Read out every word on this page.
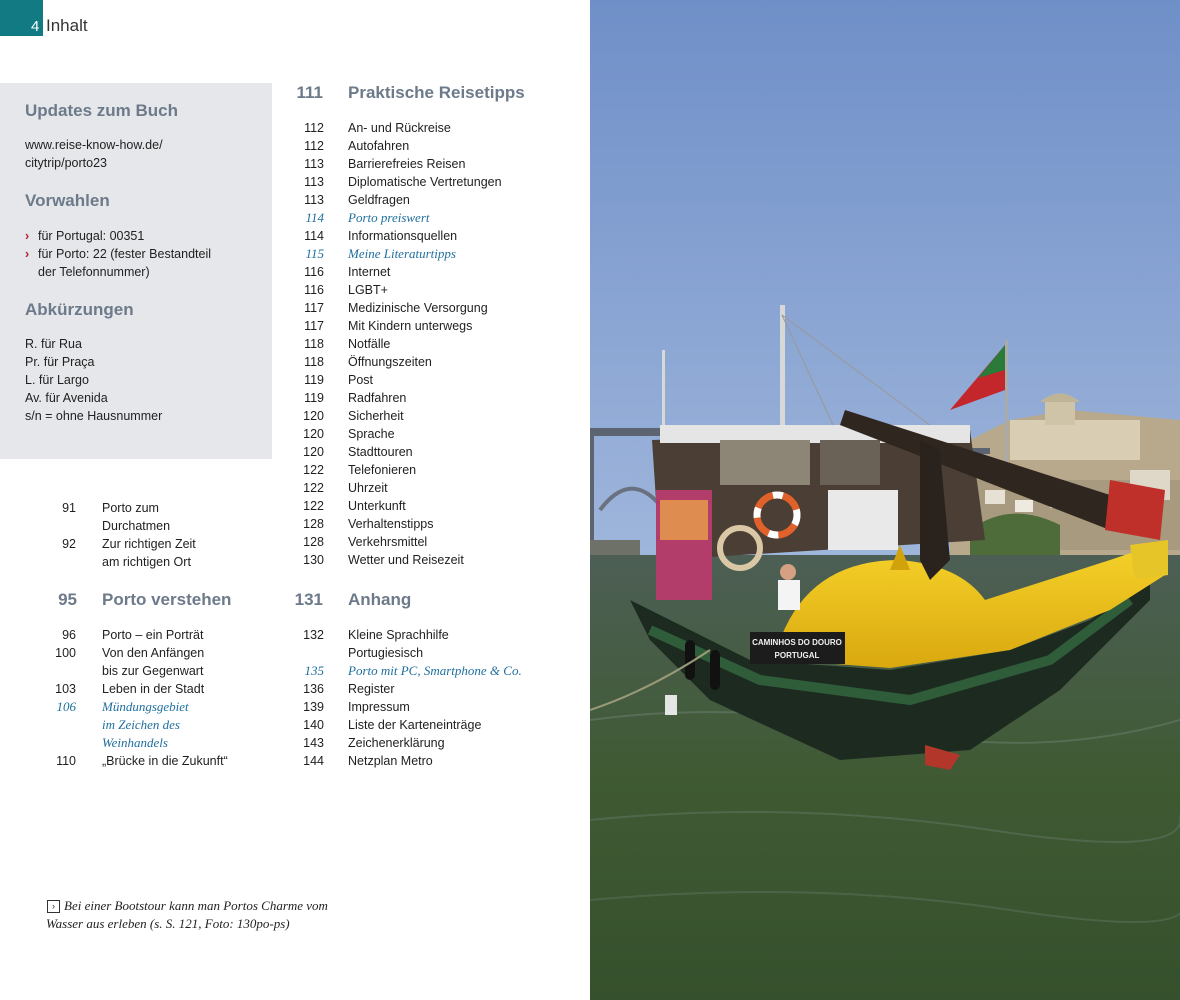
4 Inhalt
Updates zum Buch
www.reise-know-how.de/
citytrip/porto23
Vorwahlen
› für Portugal: 00351
› für Porto: 22 (fester Bestandteil
der Telefonnummer)
Abkürzungen
R. für Rua
Pr. für Praça
L. für Largo
Av. für Avenida
s/n = ohne Hausnummer
91 Porto zum
Durchatmen
92 Zur richtigen Zeit
am richtigen Ort
95 Porto verstehen
96 Porto – ein Porträt
100 Von den Anfängen
bis zur Gegenwart
103 Leben in der Stadt
106 Mündungsgebiet
im Zeichen des
Weinhandels
110 „Brücke in die Zukunft“
111 Praktische Reisetipps
112 An- und Rückreise
112 Autofahren
113 Barrierefreies Reisen
113 Diplomatische Vertretungen
113 Geldfragen
114 Porto preiswert
114 Informationsquellen
115 Meine Literaturtipps
116 Internet
116 LGBT+
117 Medizinische Versorgung
117 Mit Kindern unterwegs
118 Notfälle
118 Öffnungszeiten
119 Post
119 Radfahren
120 Sicherheit
120 Sprache
120 Stadttouren
122 Telefonieren
122 Uhrzeit
122 Unterkunft
128 Verhaltenstipps
128 Verkehrsmittel
130 Wetter und Reisezeit
131 Anhang
132 Kleine Sprachhilfe
Portugiesisch
135 Porto mit PC, Smartphone & Co.
136 Register
139 Impressum
140 Liste der Karteneinträge
143 Zeichenerklärung
144 Netzplan Metro
› Bei einer Bootstour kann man Portos Charme vom Wasser aus erleben (s. S. 121, Foto: 130po-ps)
CAMINHOS DO DOURO
PORTUGAL
